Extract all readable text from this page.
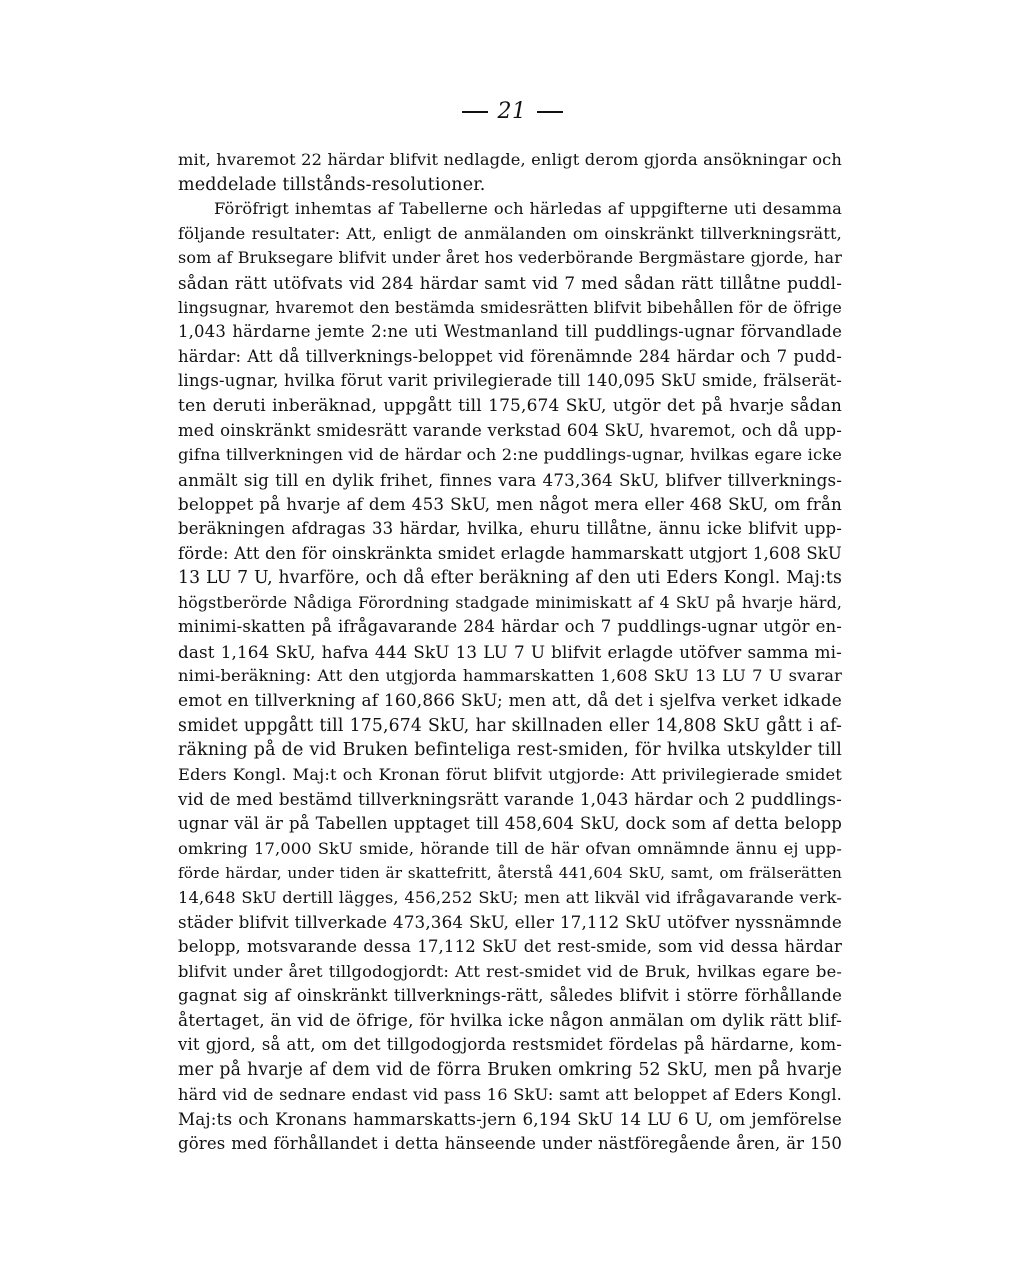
21
mit, hvaremot 22 härdar blifvit nedlagde, enligt derom gjorda ansökningar och
meddelade tillstånds-resolutioner.
Föröfrigt inhemtas af Tabellerne och härledas af uppgifterne uti desamma
följande resultater: Att, enligt de anmälanden om oinskränkt tillverkningsrätt,
som af Bruksegare blifvit under året hos vederbörande Bergmästare gjorde, har
sådan rätt utöfvats vid 284 härdar samt vid 7 med sådan rätt tillåtne puddl-
lingsugnar, hvaremot den bestämda smidesrätten blifvit bibehållen för de öfrige
1,043 härdarne jemte 2:ne uti Westmanland till puddlings-ugnar förvandlade
härdar: Att då tillverknings-beloppet vid förenämnde 284 härdar och 7 pudd-
lings-ugnar, hvilka förut varit privilegierade till 140,095 SkU smide, frälserät-
ten deruti inberäknad, uppgått till 175,674 SkU, utgör det på hvarje sådan
med oinskränkt smidesrätt varande verkstad 604 SkU, hvaremot, och då upp-
gifna tillverkningen vid de härdar och 2:ne puddlings-ugnar, hvilkas egare icke
anmält sig till en dylik frihet, finnes vara 473,364 SkU, blifver tillverknings-
beloppet på hvarje af dem 453 SkU, men något mera eller 468 SkU, om från
beräkningen afdragas 33 härdar, hvilka, ehuru tillåtne, ännu icke blifvit upp-
förde: Att den för oinskränkta smidet erlagde hammarskatt utgjort 1,608 SkU
13 LU 7 U, hvarföre, och då efter beräkning af den uti Eders Kongl. Maj:ts
högstberörde Nådiga Förordning stadgade minimiskatt af 4 SkU på hvarje härd,
minimi-skatten på ifrågavarande 284 härdar och 7 puddlings-ugnar utgör en-
dast 1,164 SkU, hafva 444 SkU 13 LU 7 U blifvit erlagde utöfver samma mi-
nimi-beräkning: Att den utgjorda hammarskatten 1,608 SkU 13 LU 7 U svarar
emot en tillverkning af 160,866 SkU; men att, då det i sjelfva verket idkade
smidet uppgått till 175,674 SkU, har skillnaden eller 14,808 SkU gått i af-
räkning på de vid Bruken befinteliga rest-smiden, för hvilka utskylder till
Eders Kongl. Maj:t och Kronan förut blifvit utgjorde: Att privilegierade smidet
vid de med bestämd tillverkningsrätt varande 1,043 härdar och 2 puddlings-
ugnar väl är på Tabellen upptaget till 458,604 SkU, dock som af detta belopp
omkring 17,000 SkU smide, hörande till de här ofvan omnämnde ännu ej upp-
förde härdar, under tiden är skattefritt, återstå 441,604 SkU, samt, om frälserätten
14,648 SkU dertill lägges, 456,252 SkU; men att likväl vid ifrågavarande verk-
städer blifvit tillverkade 473,364 SkU, eller 17,112 SkU utöfver nyssnämnde
belopp, motsvarande dessa 17,112 SkU det rest-smide, som vid dessa härdar
blifvit under året tillgodogjordt: Att rest-smidet vid de Bruk, hvilkas egare be-
gagnat sig af oinskränkt tillverknings-rätt, således blifvit i större förhållande
återtaget, än vid de öfrige, för hvilka icke någon anmälan om dylik rätt blif-
vit gjord, så att, om det tillgodogjorda restsmidet fördelas på härdarne, kom-
mer på hvarje af dem vid de förra Bruken omkring 52 SkU, men på hvarje
härd vid de sednare endast vid pass 16 SkU: samt att beloppet af Eders Kongl.
Maj:ts och Kronans hammarskatts-jern 6,194 SkU 14 LU 6 U, om jemförelse
göres med förhållandet i detta hänseende under nästföregående åren, är 150
